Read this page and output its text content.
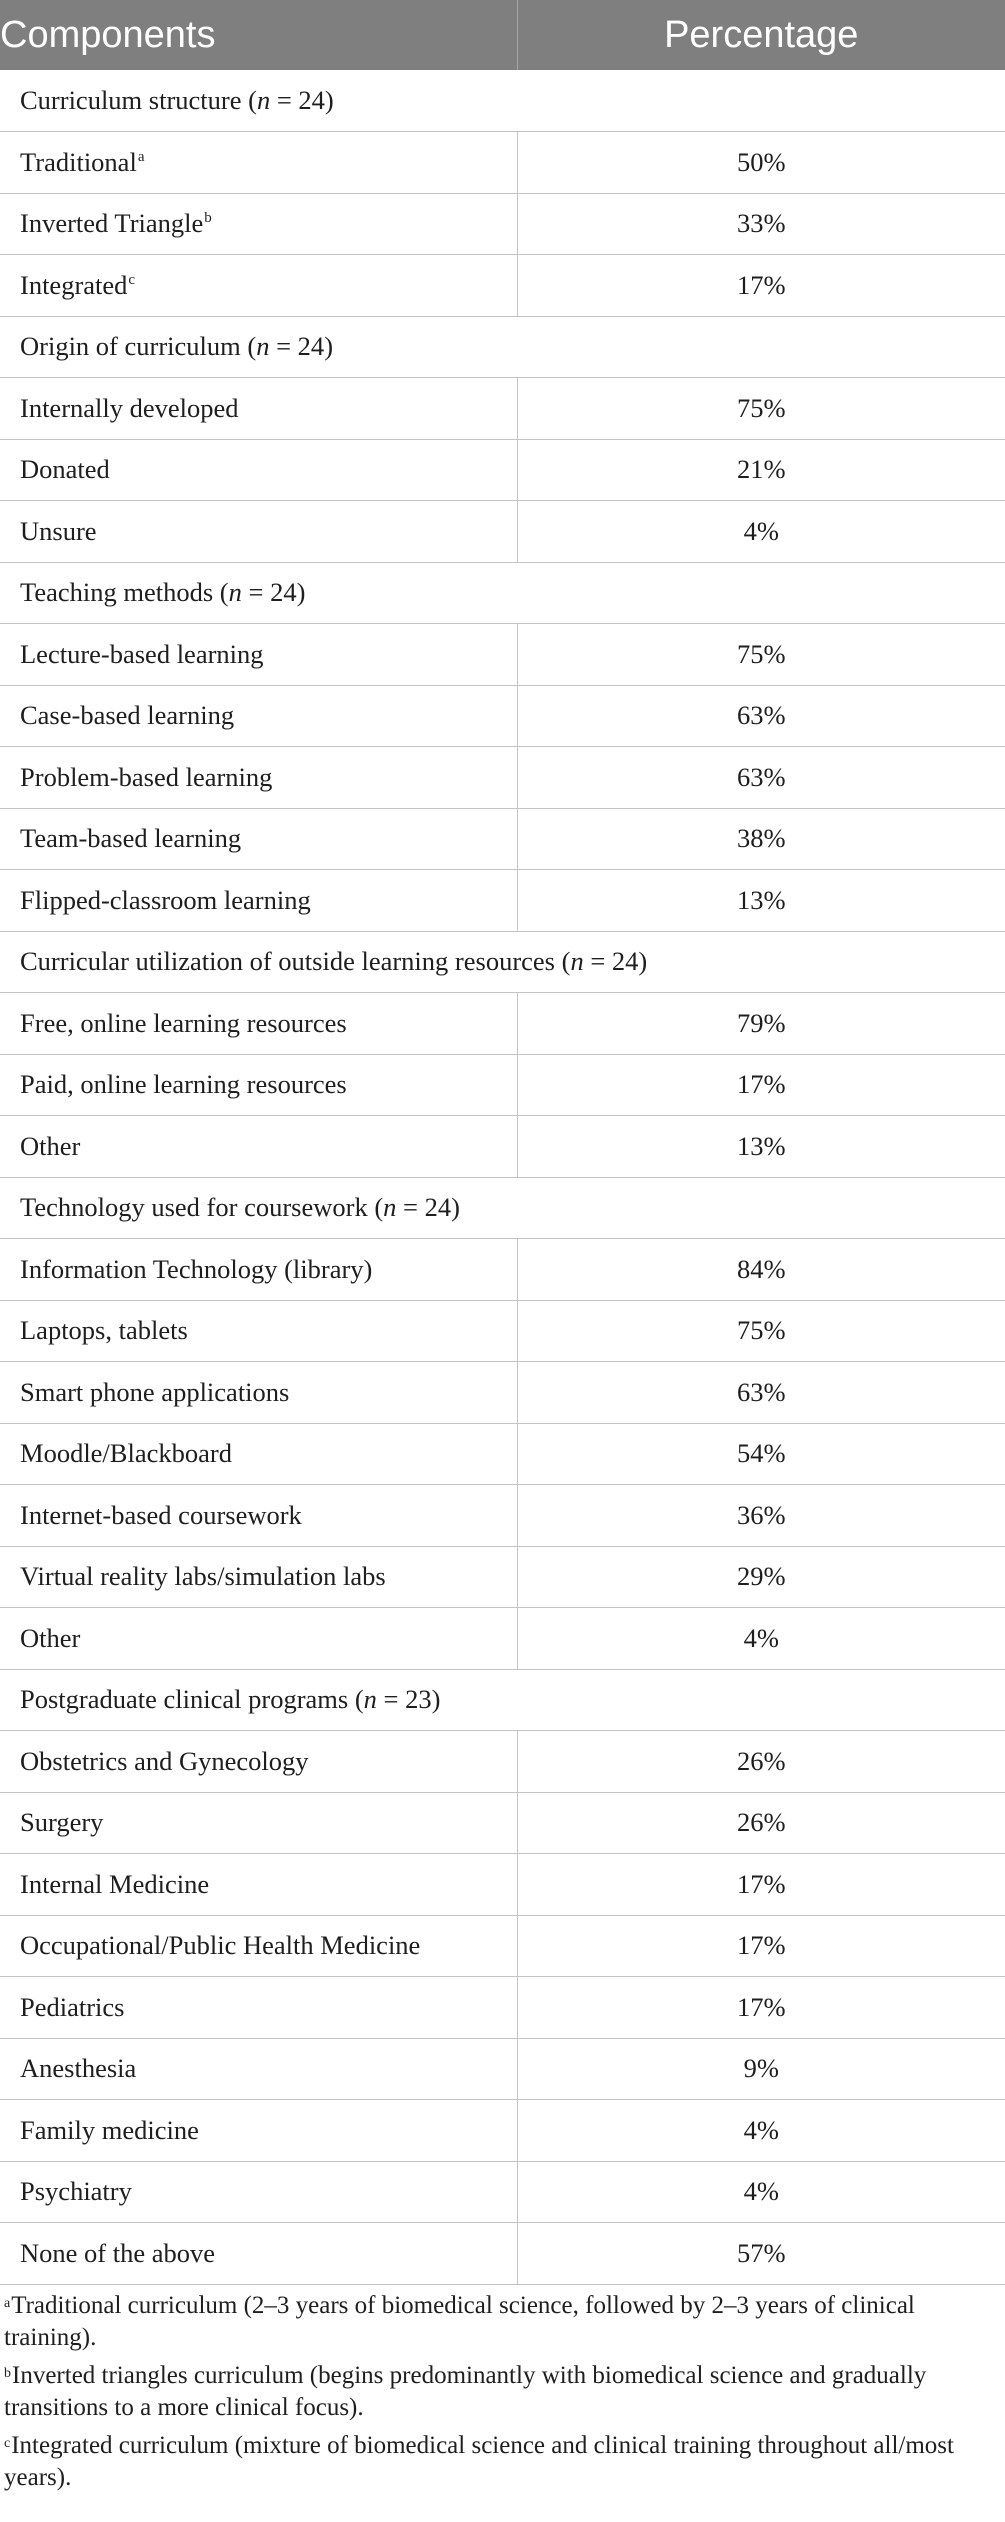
Components	Percentage
Curriculum structure (n = 24)	
Traditional$^a$	50%
Inverted Triangle$^b$	33%
Integrated$^c$	17%
Origin of curriculum (n = 24)	
Internally developed	75%
Donated	21%
Unsure	4%
Teaching methods (n = 24)	
Lecture-based learning	75%
Case-based learning	63%
Problem-based learning	63%
Team-based learning	38%
Flipped-classroom learning	13%
Curricular utilization of outside learning resources (n = 24)	
Free, online learning resources	79%
Paid, online learning resources	17%
Other	13%
Technology used for coursework (n = 24)	
Information Technology (library)	84%
Laptops, tablets	75%
Smart phone applications	63%
Moodle/Blackboard	54%
Internet-based coursework	36%
Virtual reality labs/simulation labs	29%
Other	4%
Postgraduate clinical programs (n = 23)	
Obstetrics and Gynecology	26%
Surgery	26%
Internal Medicine	17%
Occupational/Public Health Medicine	17%
Pediatrics	17%
Anesthesia	9%
Family medicine	4%
Psychiatry	4%
None of the above	57%

$^a$Traditional curriculum (2–3 years of biomedical science, followed by 2–3 years of clinical training).

$^b$Inverted triangles curriculum (begins predominantly with biomedical science and gradually transitions to a more clinical focus).

$^c$Integrated curriculum (mixture of biomedical science and clinical training throughout all/most years).
